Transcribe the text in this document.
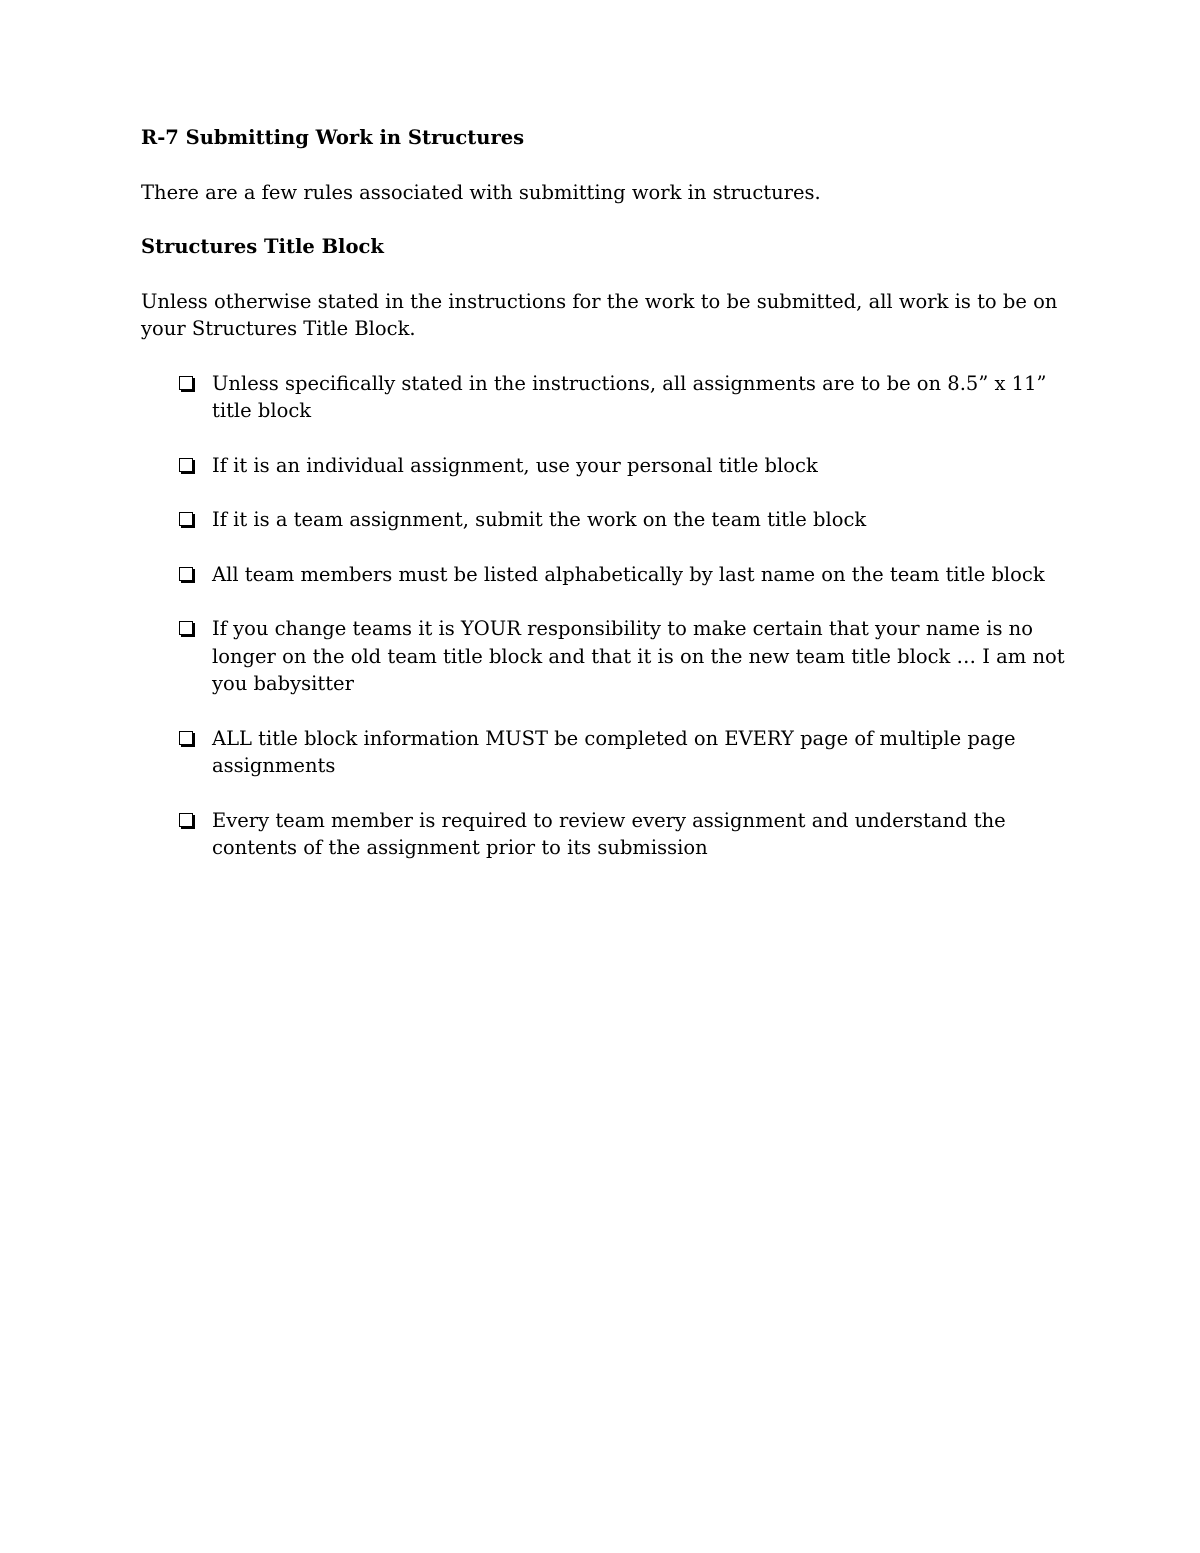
R-7 Submitting Work in Structures

There are a few rules associated with submitting work in structures.

Structures Title Block

Unless otherwise stated in the instructions for the work to be submitted, all work is to be on your Structures Title Block.

Unless specifically stated in the instructions, all assignments are to be on 8.5” x 11” title block
If it is an individual assignment, use your personal title block
If it is a team assignment, submit the work on the team title block
All team members must be listed alphabetically by last name on the team title block
If you change teams it is YOUR responsibility to make certain that your name is no longer on the old team title block and that it is on the new team title block … I am not you babysitter
ALL title block information MUST be completed on EVERY page of multiple page assignments
Every team member is required to review every assignment and understand the contents of the assignment prior to its submission
